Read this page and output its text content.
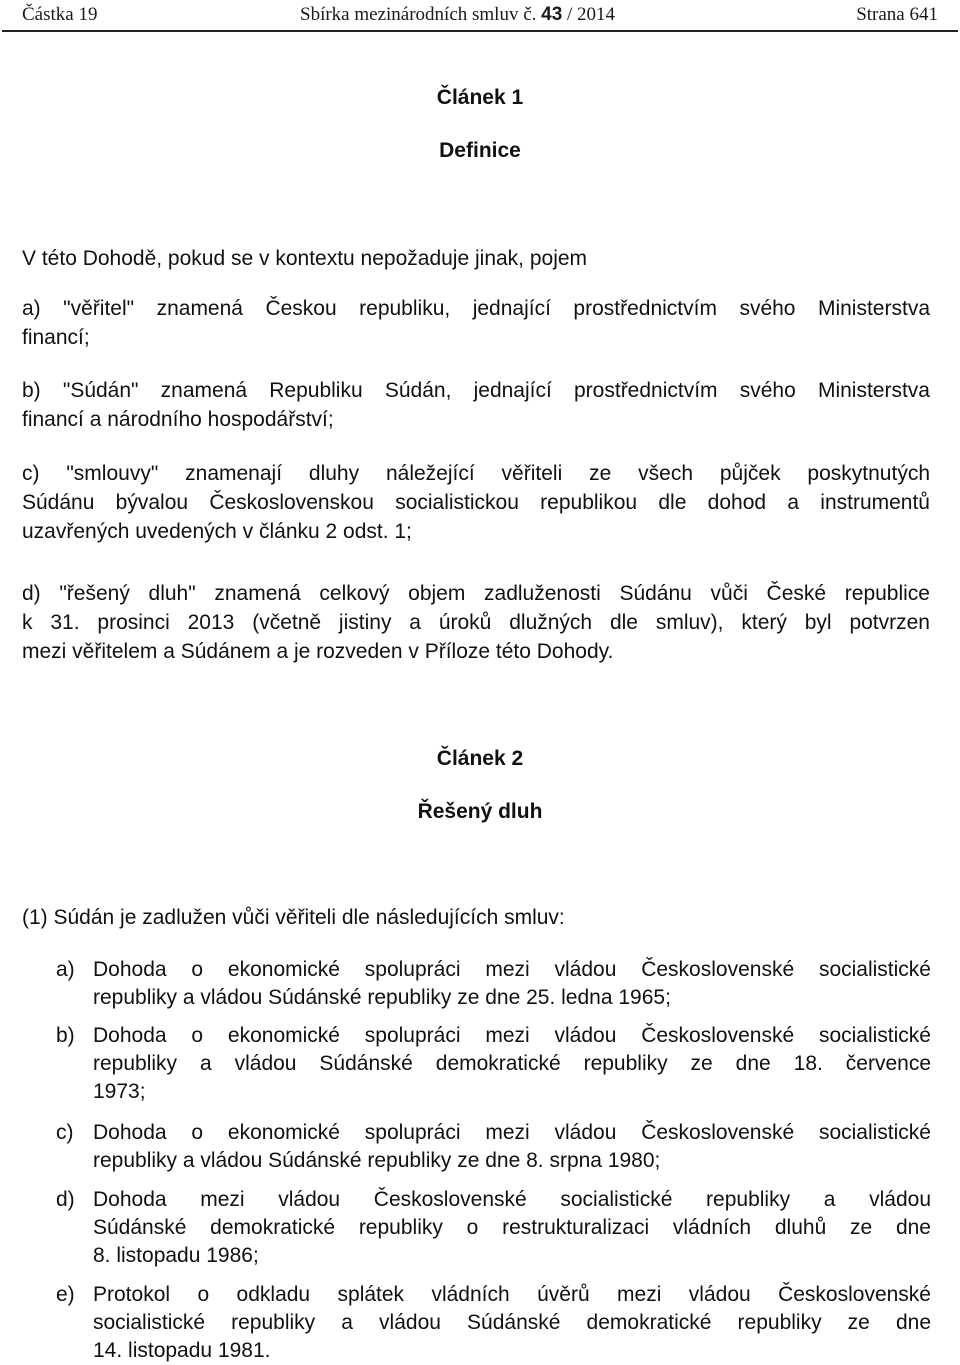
Částka 19	Sbírka mezinárodních smluv č. 43 / 2014	Strana 641
Článek 1
Definice
V této Dohodě, pokud se v kontextu nepožaduje jinak, pojem
a) "věřitel" znamená Českou republiku, jednající prostřednictvím svého Ministerstva
financí;
b) "Súdán" znamená Republiku Súdán, jednající prostřednictvím svého Ministerstva
financí a národního hospodářství;
c) "smlouvy" znamenají dluhy náležející věřiteli ze všech půjček poskytnutých
Súdánu bývalou Československou socialistickou republikou dle dohod a instrumentů
uzavřených uvedených v článku 2 odst. 1;
d) "řešený dluh" znamená celkový objem zadluženosti Súdánu vůči České republice
k 31. prosinci 2013 (včetně jistiny a úroků dlužných dle smluv), který byl potvrzen
mezi věřitelem a Súdánem a je rozveden v Příloze této Dohody.
Článek 2
Řešený dluh
(1) Súdán je zadlužen vůči věřiteli dle následujících smluv:
a) Dohoda o ekonomické spolupráci mezi vládou Československé socialistické
republiky a vládou Súdánské republiky ze dne 25. ledna 1965;
b) Dohoda o ekonomické spolupráci mezi vládou Československé socialistické
republiky a vládou Súdánské demokratické republiky ze dne 18. července
1973;
c) Dohoda o ekonomické spolupráci mezi vládou Československé socialistické
republiky a vládou Súdánské republiky ze dne 8. srpna 1980;
d) Dohoda mezi vládou Československé socialistické republiky a vládou
Súdánské demokratické republiky o restrukturalizaci vládních dluhů ze dne
8. listopadu 1986;
e) Protokol o odkladu splátek vládních úvěrů mezi vládou Československé
socialistické republiky a vládou Súdánské demokratické republiky ze dne
14. listopadu 1981.
